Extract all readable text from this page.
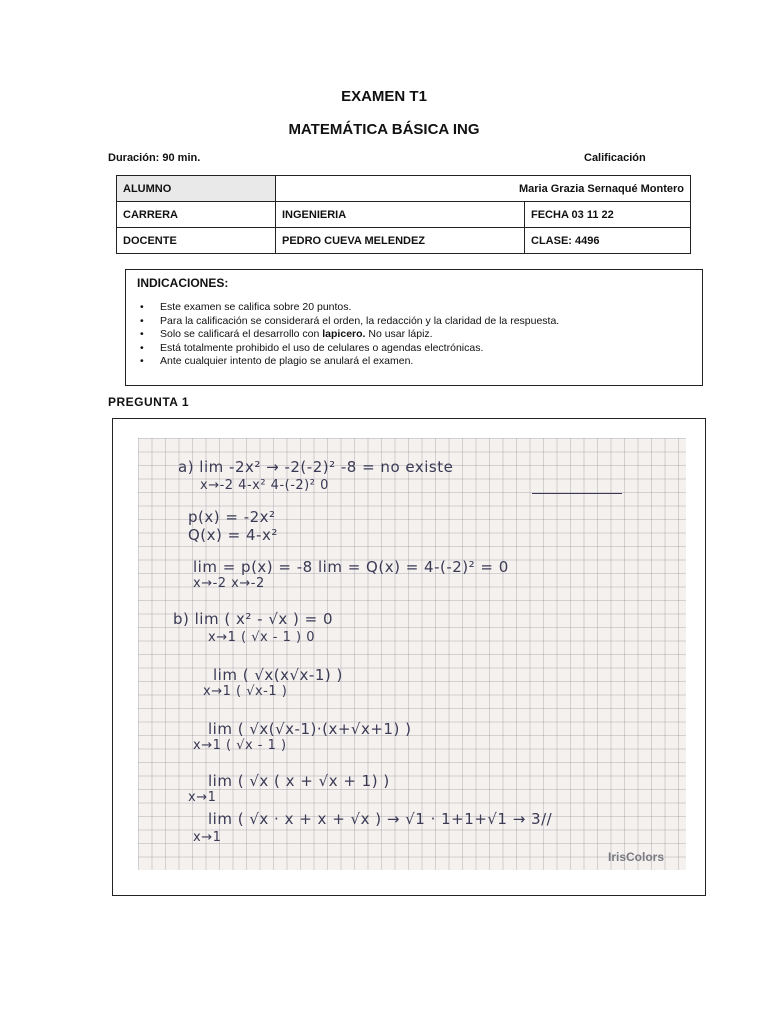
EXAMEN T1
MATEMÁTICA BÁSICA ING
Duración: 90 min.	Calificación
ALUMNO	Maria Grazia Sernaqué Montero	
CARRERA	INGENIERIA	FECHA 03 11 22
DOCENTE	PEDRO CUEVA MELENDEZ	CLASE: 4496
INDICACIONES:
• Este examen se califica sobre 20 puntos.
• Para la calificación se considerará el orden, la redacción y la claridad de la respuesta.
• Solo se calificará el desarrollo con lapicero. No usar lápiz.
• Está totalmente prohibido el uso de celulares o agendas electrónicas.
• Ante cualquier intento de plagio se anulará el examen.
PREGUNTA 1
a) lim -2x² → -2(-2)² -8 = no existe
x→-2 4-x² 4-(-2)² 0
p(x) = -2x²
Q(x) = 4-x²
lim = p(x) = -8 lim = Q(x) = 4-(-2)² = 0
x→-2 x→-2
b) lim ( x² - √x ) = 0
x→1 ( √x - 1 ) 0
lim ( √x(x√x-1) )
x→1 ( √x-1 )
lim ( √x(√x-1)·(x+√x+1) )
x→1 ( √x - 1 )
lim ( √x ( x + √x + 1) )
x→1
lim ( √x · x + x + √x ) → √1 · 1+1+√1 → 3//
x→1
IrisColors
